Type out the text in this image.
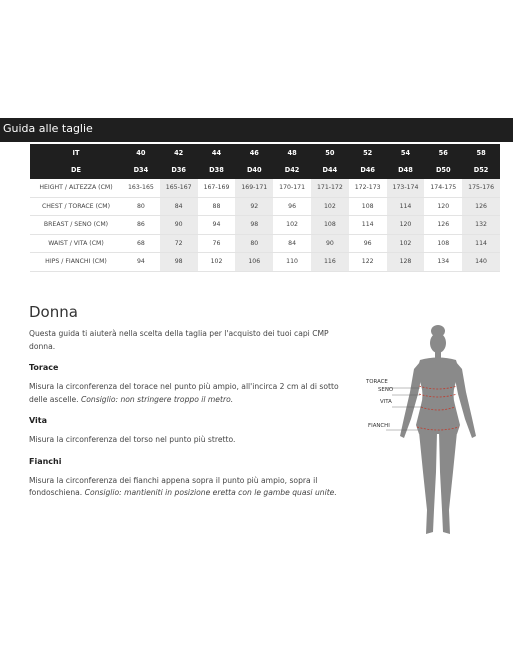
Guida alle taglie
IT	40	42	44	46	48	50	52	54	56	58
DE	D34	D36	D38	D40	D42	D44	D46	D48	D50	D52
HEIGHT / ALTEZZA (CM)	163-165	165-167	167-169	169-171	170-171	171-172	172-173	173-174	174-175	175-176
CHEST / TORACE (CM)	80	84	88	92	96	102	108	114	120	126
BREAST / SENO (CM)	86	90	94	98	102	108	114	120	126	132
WAIST / VITA (CM)	68	72	76	80	84	90	96	102	108	114
HIPS / FIANCHI (CM)	94	98	102	106	110	116	122	128	134	140
Donna

Questa guida ti aiuterà nella scelta della taglia per l'acquisto dei tuoi capi CMP donna.

Torace

Misura la circonferenza del torace nel punto più ampio, all'incirca 2 cm al di sotto delle ascelle. Consiglio: non stringere troppo il metro.

Vita

Misura la circonferenza del torso nel punto più stretto.

Fianchi

Misura la circonferenza dei fianchi appena sopra il punto più ampio, sopra il fondoschiena. Consiglio: mantieniti in posizione eretta con le gambe quasi unite.

TORACE
SENO
VITA
FIANCHI
